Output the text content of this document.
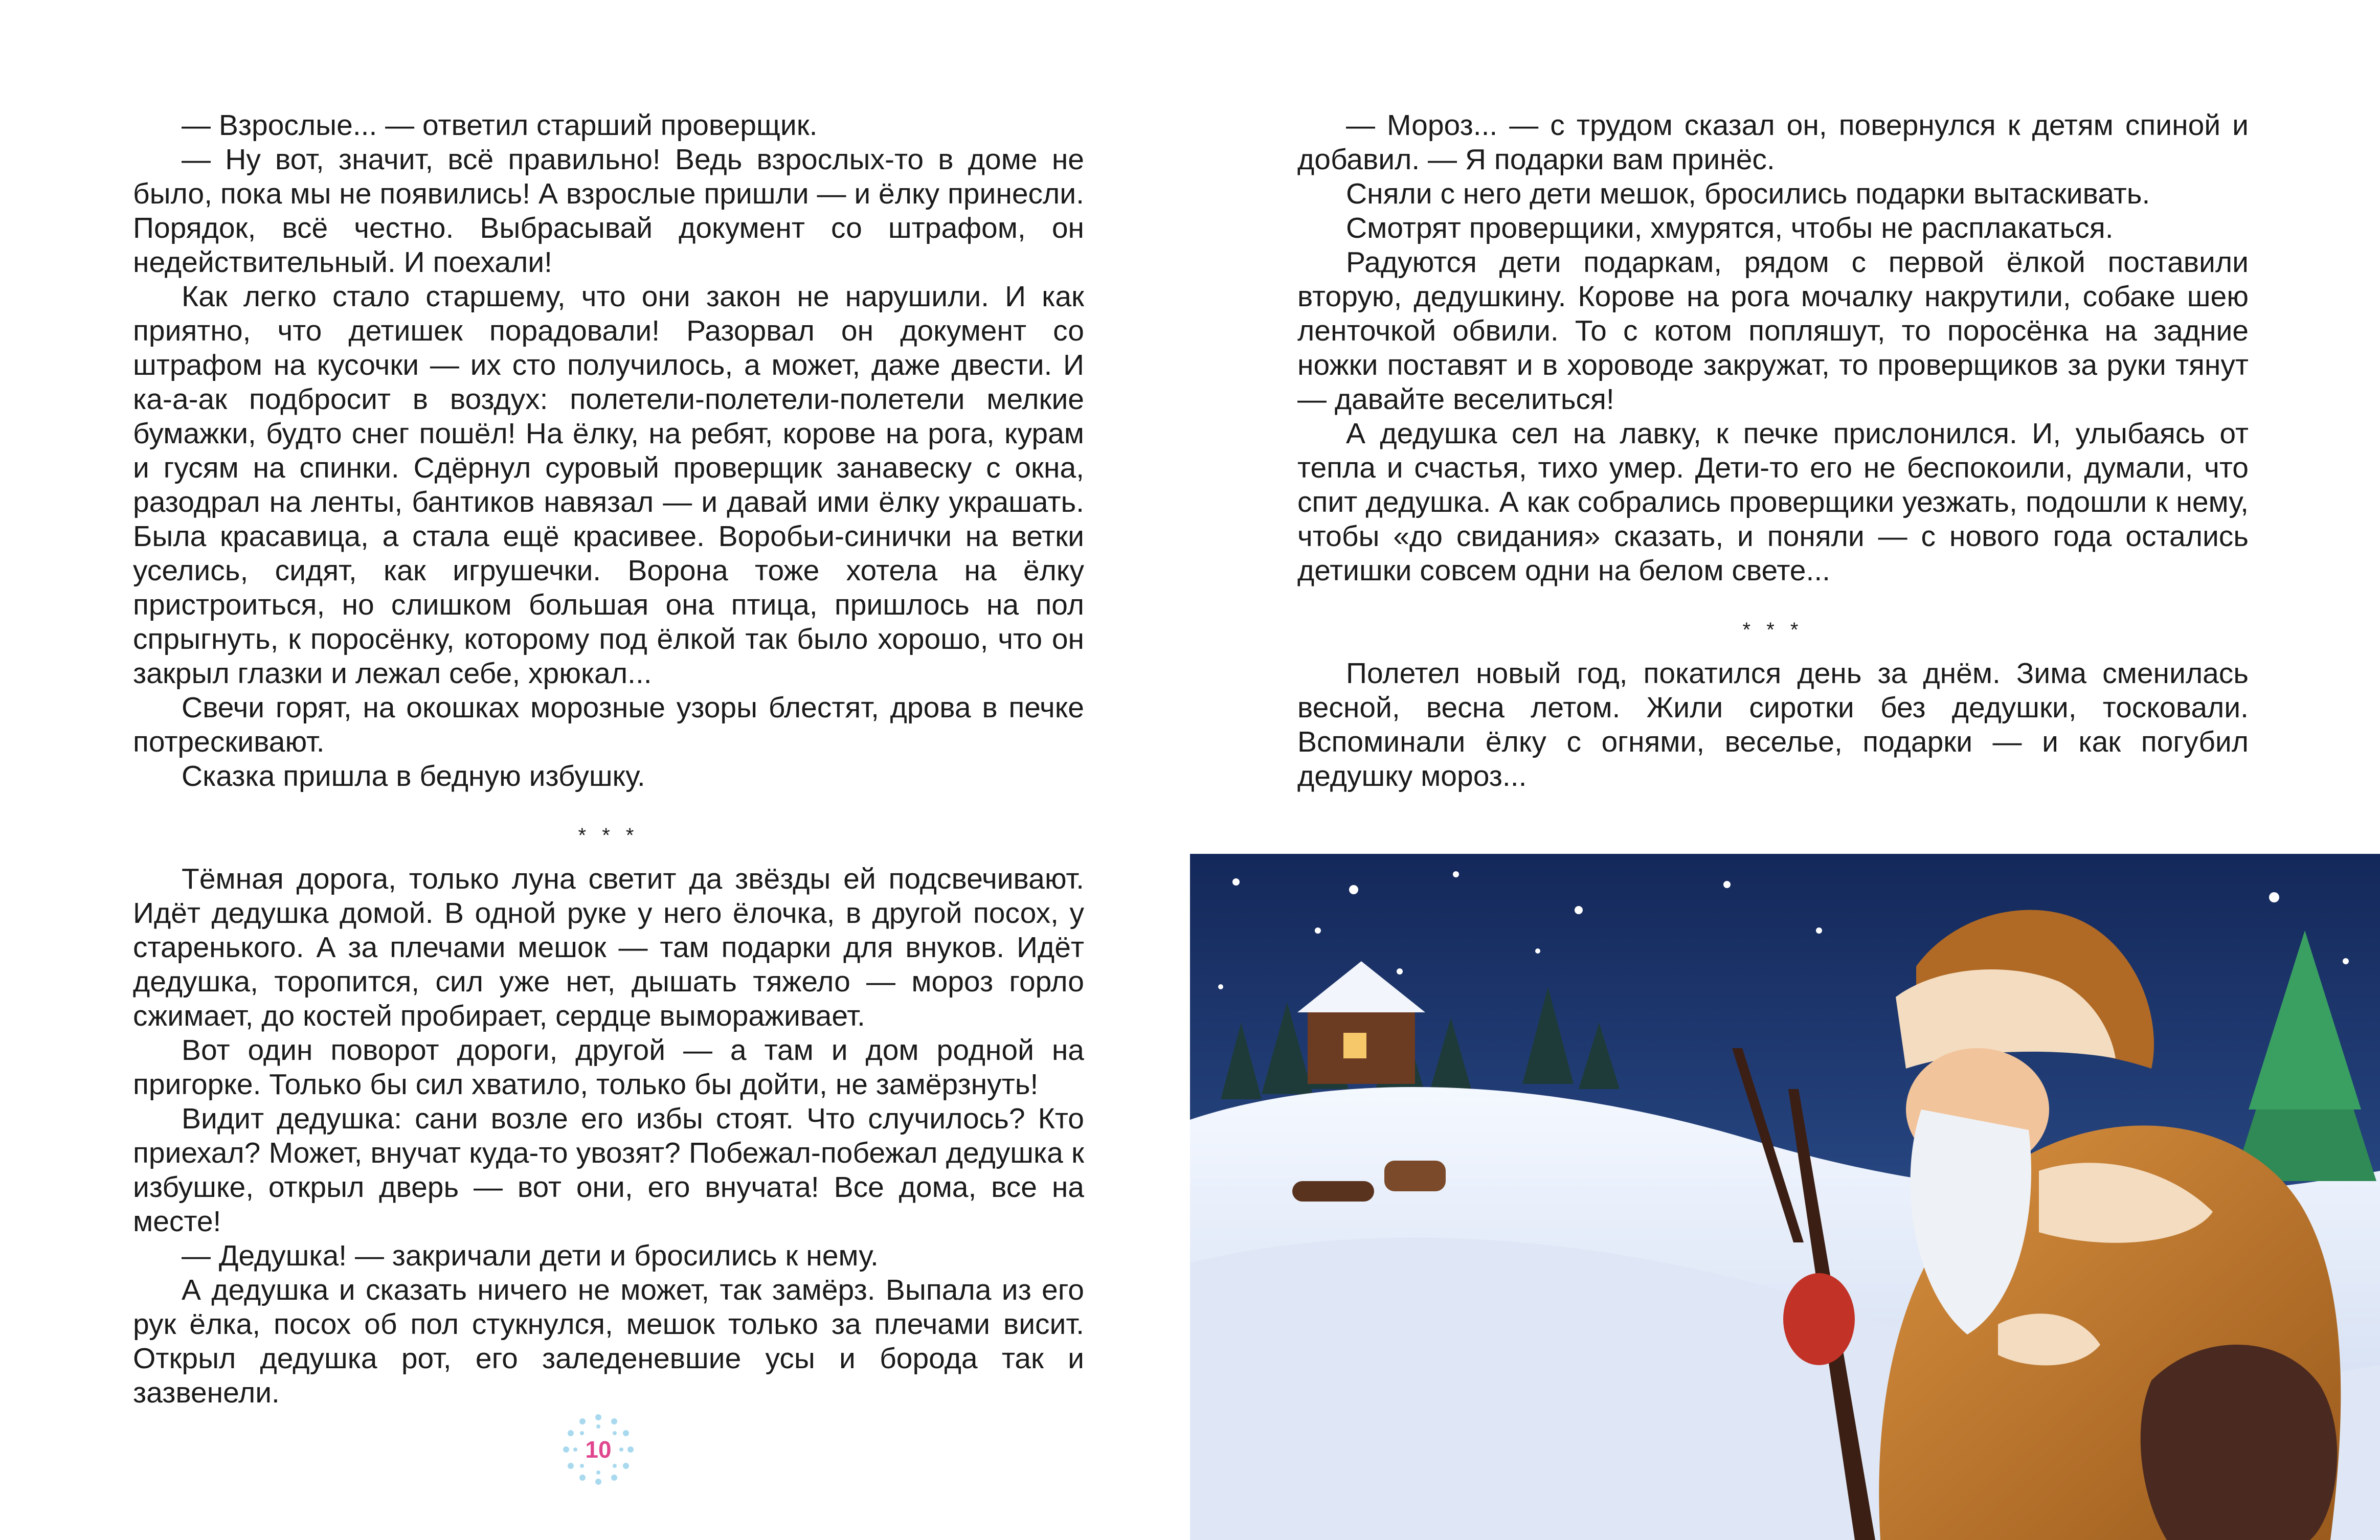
— Взрослые... — ответил старший проверщик.

— Ну вот, значит, всё правильно! Ведь взрослых-то в доме не было, пока мы не появились! А взрослые пришли — и ёлку принесли. Порядок, всё честно. Выбрасывай документ со штрафом, он недействительный. И поехали!

Как легко стало старшему, что они закон не нарушили. И как приятно, что детишек порадовали! Разорвал он документ со штрафом на кусочки — их сто получилось, а может, даже двести. И ка-а-ак подбросит в воздух: полетели-полетели-полетели мелкие бумажки, будто снег пошёл! На ёлку, на ребят, корове на рога, курам и гусям на спинки. Сдёрнул суровый проверщик занавеску с окна, разодрал на ленты, бантиков навязал — и давай ими ёлку украшать. Была красавица, а стала ещё красивее. Воробьи-синички на ветки уселись, сидят, как игрушечки. Ворона тоже хотела на ёлку пристроиться, но слишком большая она птица, пришлось на пол спрыгнуть, к поросёнку, которому под ёлкой так было хорошо, что он закрыл глазки и лежал себе, хрюкал...

Свечи горят, на окошках морозные узоры блестят, дрова в печке потрескивают.

Сказка пришла в бедную избушку.

* * *

Тёмная дорога, только луна светит да звёзды ей подсвечивают. Идёт дедушка домой. В одной руке у него ёлочка, в другой посох, у старенького. А за плечами мешок — там подарки для внуков. Идёт дедушка, торопится, сил уже нет, дышать тяжело — мороз горло сжимает, до костей пробирает, сердце вымораживает.

Вот один поворот дороги, другой — а там и дом родной на пригорке. Только бы сил хватило, только бы дойти, не замёрзнуть!

Видит дедушка: сани возле его избы стоят. Что случилось? Кто приехал? Может, внучат куда-то увозят? Побежал-побежал дедушка к избушке, открыл дверь — вот они, его внучата! Все дома, все на месте!

— Дедушка! — закричали дети и бросились к нему.

А дедушка и сказать ничего не может, так замёрз. Выпала из его рук ёлка, посох об пол стукнулся, мешок только за плечами висит. Открыл дедушка рот, его заледеневшие усы и борода так и зазвенели.

10

— Мороз... — с трудом сказал он, повернулся к детям спиной и добавил. — Я подарки вам принёс.

Сняли с него дети мешок, бросились подарки вытаскивать.

Смотрят проверщики, хмурятся, чтобы не расплакаться.

Радуются дети подаркам, рядом с первой ёлкой поставили вторую, дедушкину. Корове на рога мочалку накрутили, собаке шею ленточкой обвили. То с котом попляшут, то поросёнка на задние ножки поставят и в хороводе закружат, то проверщиков за руки тянут — давайте веселиться!

А дедушка сел на лавку, к печке прислонился. И, улыбаясь от тепла и счастья, тихо умер. Дети-то его не беспокоили, думали, что спит дедушка. А как собрались проверщики уезжать, подошли к нему, чтобы «до свидания» сказать, и поняли — с нового года остались детишки совсем одни на белом свете...

* * *

Полетел новый год, покатился день за днём. Зима сменилась весной, весна летом. Жили сиротки без дедушки, тосковали. Вспоминали ёлку с огнями, веселье, подарки — и как погубил дедушку мороз...
